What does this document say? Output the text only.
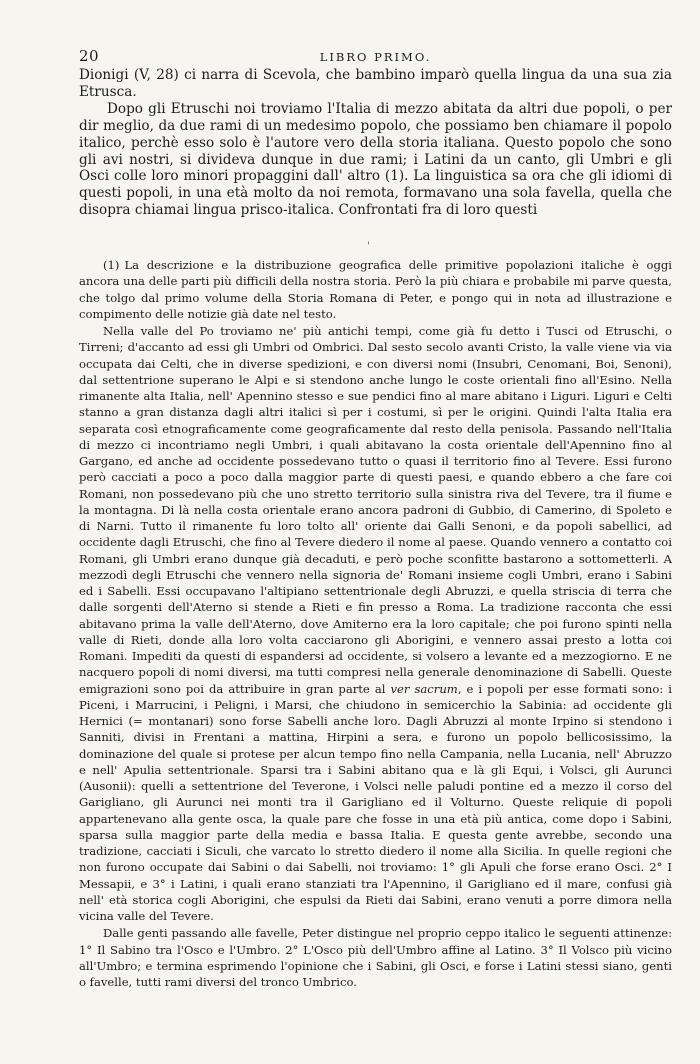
20	LIBRO PRIMO.

Dionigi (V, 28) ci narra di Scevola, che bambino imparò quella lingua da una sua zia Etrusca.

Dopo gli Etruschi noi troviamo l'Italia di mezzo abitata da altri due popoli, o per dir meglio, da due rami di un medesimo popolo, che possiamo ben chiamare il popolo italico, perchè esso solo è l'autore vero della storia italiana. Questo popolo che sono gli avi nostri, si divideva dunque in due rami; i Latini da un canto, gli Umbri e gli Osci colle loro minori propaggini dall' altro (1). La linguistica sa ora che gli idiomi di questi popoli, in una età molto da noi remota, formavano una sola favella, quella che disopra chiamai lingua prisco-italica. Confrontati fra di loro questi

'

(1) La descrizione e la distribuzione geografica delle primitive popolazioni italiche è oggi ancora una delle parti più difficili della nostra storia. Però la più chiara e probabile mi parve questa, che tolgo dal primo volume della Storia Romana di Peter, e pongo qui in nota ad illustrazione e compimento delle notizie già date nel testo.

Nella valle del Po troviamo ne' più antichi tempi, come già fu detto i Tusci od Etruschi, o Tirreni; d'accanto ad essi gli Umbri od Ombrici. Dal sesto secolo avanti Cristo, la valle viene via via occupata dai Celti, che in diverse spedizioni, e con diversi nomi (Insubri, Cenomani, Boi, Senoni), dal settentrione superano le Alpi e si stendono anche lungo le coste orientali fino all'Esino. Nella rimanente alta Italia, nell' Apennino stesso e sue pendici fino al mare abitano i Liguri. Liguri e Celti stanno a gran distanza dagli altri italici sì per i costumi, sì per le origini. Quindi l'alta Italia era separata così etnograficamente come geograficamente dal resto della penisola. Passando nell'Italia di mezzo ci incontriamo negli Umbri, i quali abitavano la costa orientale dell'Apennino fino al Gargano, ed anche ad occidente possedevano tutto o quasi il territorio fino al Tevere. Essi furono però cacciati a poco a poco dalla maggior parte di questi paesi, e quando ebbero a che fare coi Romani, non possedevano più che uno stretto territorio sulla sinistra riva del Tevere, tra il fiume e la montagna. Di là nella costa orientale erano ancora padroni di Gubbio, di Camerino, di Spoleto e di Narni. Tutto il rimanente fu loro tolto all' oriente dai Galli Senoni, e da popoli sabellici, ad occidente dagli Etruschi, che fino al Tevere diedero il nome al paese. Quando vennero a contatto coi Romani, gli Umbri erano dunque già decaduti, e però poche sconfitte bastarono a sottometterli. A mezzodì degli Etruschi che vennero nella signoria de' Romani insieme cogli Umbri, erano i Sabini ed i Sabelli. Essi occupavano l'altipiano settentrionale degli Abruzzi, e quella striscia di terra che dalle sorgenti dell'Aterno si stende a Rieti e fin presso a Roma. La tradizione racconta che essi abitavano prima la valle dell'Aterno, dove Amiterno era la loro capitale; che poi furono spinti nella valle di Rieti, donde alla loro volta cacciarono gli Aborigini, e vennero assai presto a lotta coi Romani. Impediti da questi di espandersi ad occidente, si volsero a levante ed a mezzogiorno. E ne nacquero popoli di nomi diversi, ma tutti compresi nella generale denominazione di Sabelli. Queste emigrazioni sono poi da attribuire in gran parte al ver sacrum, e i popoli per esse formati sono: i Piceni, i Marrucini, i Peligni, i Marsi, che chiudono in semicerchio la Sabinia: ad occidente gli Hernici (= montanari) sono forse Sabelli anche loro. Dagli Abruzzi al monte Irpino si stendono i Sanniti, divisi in Frentani a mattina, Hirpini a sera, e furono un popolo bellicosissimo, la dominazione del quale si protese per alcun tempo fino nella Campania, nella Lucania, nell' Abruzzo e nell' Apulia settentrionale. Sparsi tra i Sabini abitano qua e là gli Equi, i Volsci, gli Aurunci (Ausonii): quelli a settentrione del Teverone, i Volsci nelle paludi pontine ed a mezzo il corso del Garigliano, gli Aurunci nei monti tra il Garigliano ed il Volturno. Queste reliquie di popoli appartenevano alla gente osca, la quale pare che fosse in una età più antica, come dopo i Sabini, sparsa sulla maggior parte della media e bassa Italia. E questa gente avrebbe, secondo una tradizione, cacciati i Siculi, che varcato lo stretto diedero il nome alla Sicilia. In quelle regioni che non furono occupate dai Sabini o dai Sabelli, noi troviamo: 1° gli Apuli che forse erano Osci. 2° I Messapii, e 3° i Latini, i quali erano stanziati tra l'Apennino, il Garigliano ed il mare, confusi già nell' età storica cogli Aborigini, che espulsi da Rieti dai Sabini, erano venuti a porre dimora nella vicina valle del Tevere.

Dalle genti passando alle favelle, Peter distingue nel proprio ceppo italico le seguenti attinenze: 1° Il Sabino tra l'Osco e l'Umbro. 2° L'Osco più dell'Umbro affine al Latino. 3° Il Volsco più vicino all'Umbro; e termina esprimendo l'opinione che i Sabini, gli Osci, e forse i Latini stessi siano, genti o favelle, tutti rami diversi del tronco Umbrico.
